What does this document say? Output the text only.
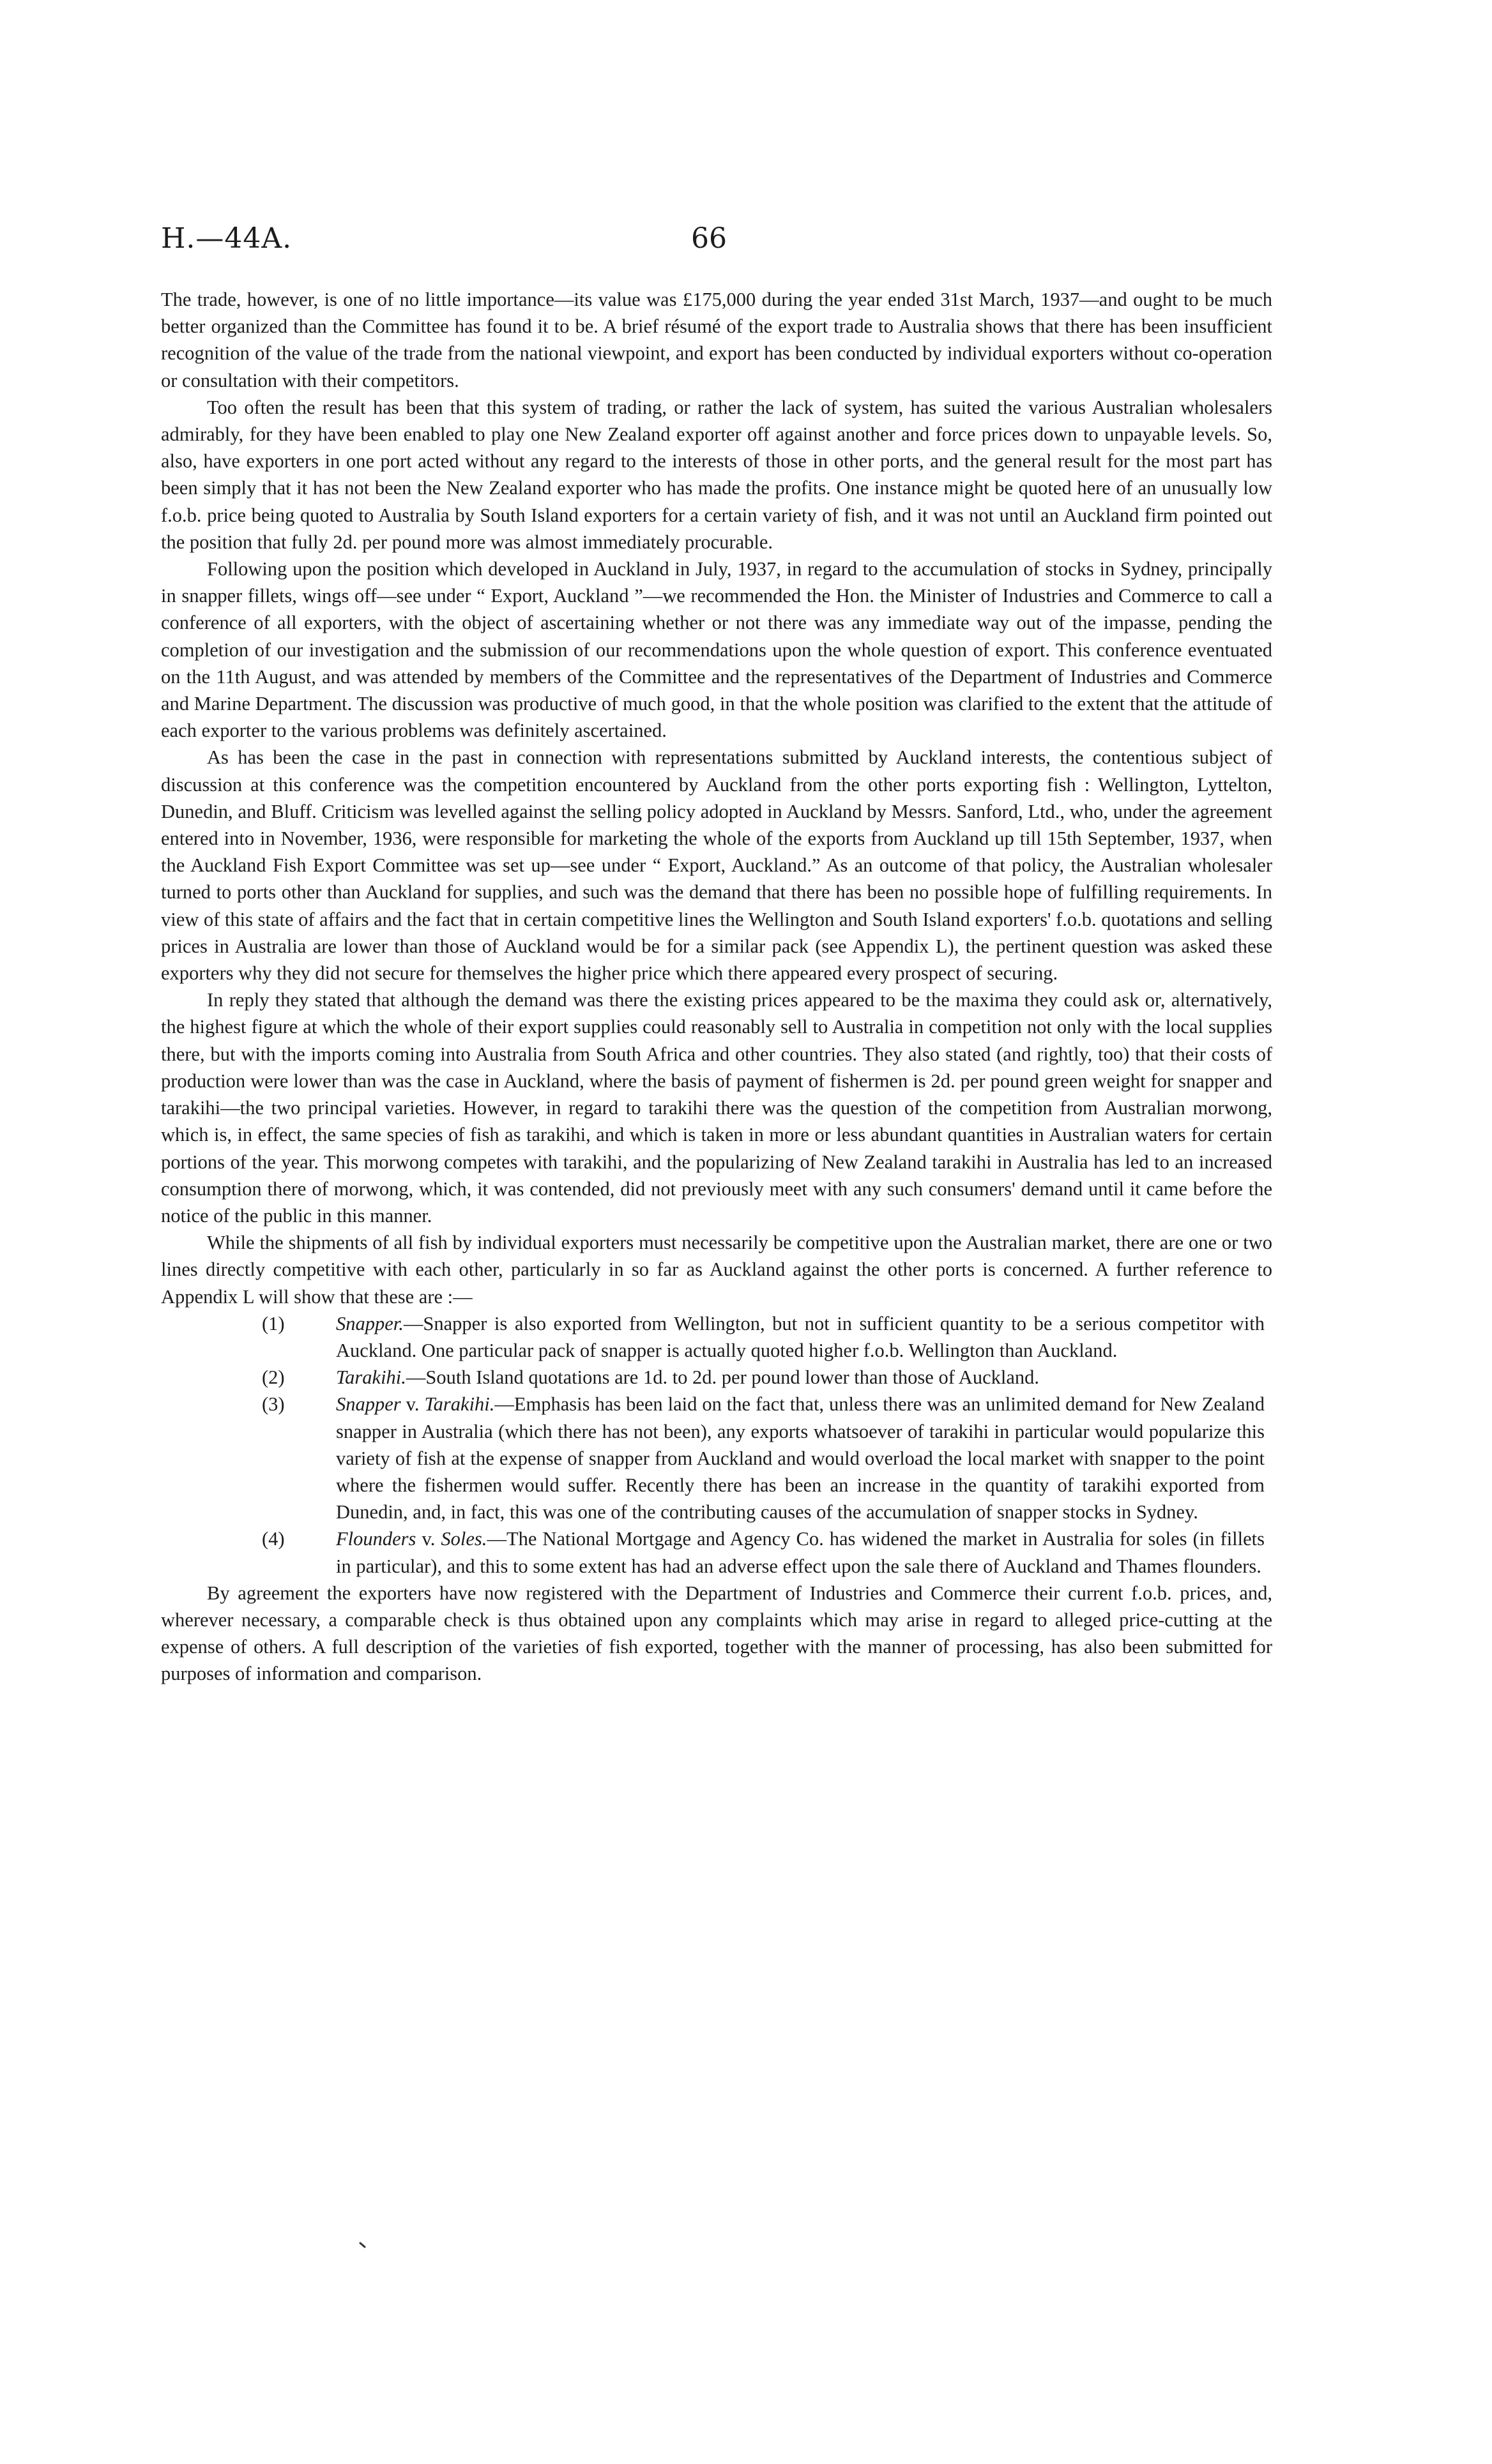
H.—44A.	66

The trade, however, is one of no little importance—its value was £175,000 during the year ended 31st March, 1937—and ought to be much better organized than the Committee has found it to be. A brief résumé of the export trade to Australia shows that there has been insufficient recognition of the value of the trade from the national viewpoint, and export has been conducted by individual exporters without co-operation or consultation with their competitors.

Too often the result has been that this system of trading, or rather the lack of system, has suited the various Australian wholesalers admirably, for they have been enabled to play one New Zealand exporter off against another and force prices down to unpayable levels. So, also, have exporters in one port acted without any regard to the interests of those in other ports, and the general result for the most part has been simply that it has not been the New Zealand exporter who has made the profits. One instance might be quoted here of an unusually low f.o.b. price being quoted to Australia by South Island exporters for a certain variety of fish, and it was not until an Auckland firm pointed out the position that fully 2d. per pound more was almost immediately procurable.

Following upon the position which developed in Auckland in July, 1937, in regard to the accumulation of stocks in Sydney, principally in snapper fillets, wings off—see under “ Export, Auckland ”—we recommended the Hon. the Minister of Industries and Commerce to call a conference of all exporters, with the object of ascertaining whether or not there was any immediate way out of the impasse, pending the completion of our investigation and the submission of our recommendations upon the whole question of export. This conference eventuated on the 11th August, and was attended by members of the Committee and the representatives of the Department of Industries and Commerce and Marine Department. The discussion was productive of much good, in that the whole position was clarified to the extent that the attitude of each exporter to the various problems was definitely ascertained.

As has been the case in the past in connection with representations submitted by Auckland interests, the contentious subject of discussion at this conference was the competition encountered by Auckland from the other ports exporting fish : Wellington, Lyttelton, Dunedin, and Bluff. Criticism was levelled against the selling policy adopted in Auckland by Messrs. Sanford, Ltd., who, under the agreement entered into in November, 1936, were responsible for marketing the whole of the exports from Auckland up till 15th September, 1937, when the Auckland Fish Export Committee was set up—see under “ Export, Auckland.” As an outcome of that policy, the Australian wholesaler turned to ports other than Auckland for supplies, and such was the demand that there has been no possible hope of fulfilling requirements. In view of this state of affairs and the fact that in certain competitive lines the Wellington and South Island exporters' f.o.b. quotations and selling prices in Australia are lower than those of Auckland would be for a similar pack (see Appendix L), the pertinent question was asked these exporters why they did not secure for themselves the higher price which there appeared every prospect of securing.

In reply they stated that although the demand was there the existing prices appeared to be the maxima they could ask or, alternatively, the highest figure at which the whole of their export supplies could reasonably sell to Australia in competition not only with the local supplies there, but with the imports coming into Australia from South Africa and other countries. They also stated (and rightly, too) that their costs of production were lower than was the case in Auckland, where the basis of payment of fishermen is 2d. per pound green weight for snapper and tarakihi—the two principal varieties. However, in regard to tarakihi there was the question of the competition from Australian morwong, which is, in effect, the same species of fish as tarakihi, and which is taken in more or less abundant quantities in Australian waters for certain portions of the year. This morwong competes with tarakihi, and the popularizing of New Zealand tarakihi in Australia has led to an increased consumption there of morwong, which, it was contended, did not previously meet with any such consumers' demand until it came before the notice of the public in this manner.

While the shipments of all fish by individual exporters must necessarily be competitive upon the Australian market, there are one or two lines directly competitive with each other, particularly in so far as Auckland against the other ports is concerned. A further reference to Appendix L will show that these are :—

(1)	Snapper.—Snapper is also exported from Wellington, but not in sufficient quantity to be a serious competitor with Auckland. One particular pack of snapper is actually quoted higher f.o.b. Wellington than Auckland.
(2)	Tarakihi.—South Island quotations are 1d. to 2d. per pound lower than those of Auckland.
(3)	Snapper v. Tarakihi.—Emphasis has been laid on the fact that, unless there was an unlimited demand for New Zealand snapper in Australia (which there has not been), any exports whatsoever of tarakihi in particular would popularize this variety of fish at the expense of snapper from Auckland and would overload the local market with snapper to the point where the fishermen would suffer. Recently there has been an increase in the quantity of tarakihi exported from Dunedin, and, in fact, this was one of the contributing causes of the accumulation of snapper stocks in Sydney.
(4)	Flounders v. Soles.—The National Mortgage and Agency Co. has widened the market in Australia for soles (in fillets in particular), and this to some extent has had an adverse effect upon the sale there of Auckland and Thames flounders.

By agreement the exporters have now registered with the Department of Industries and Commerce their current f.o.b. prices, and, wherever necessary, a comparable check is thus obtained upon any complaints which may arise in regard to alleged price-cutting at the expense of others. A full description of the varieties of fish exported, together with the manner of processing, has also been submitted for purposes of information and comparison.
